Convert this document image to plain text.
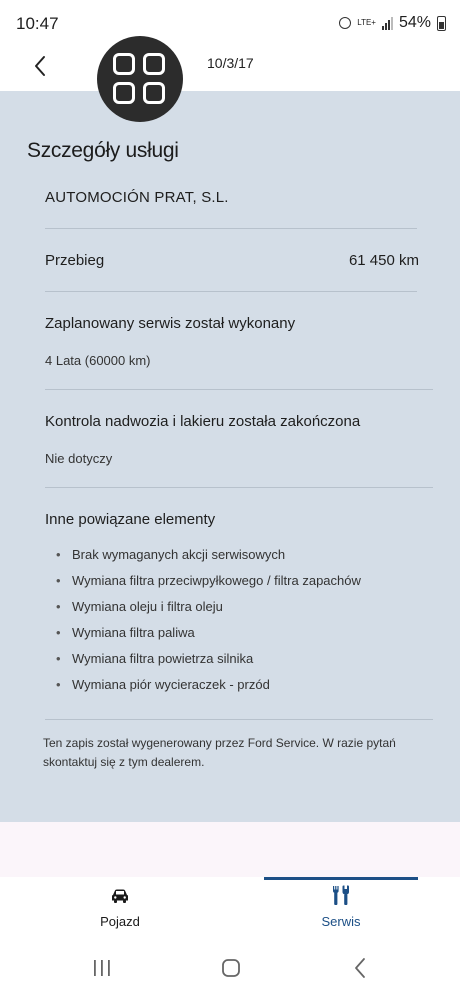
10:47	LTE+ 54%
10/3/17
Szczegóły usługi
AUTOMOCIÓN PRAT, S.L.
Przebieg	61 450 km
Zaplanowany serwis został wykonany
4 Lata (60000 km)
Kontrola nadwozia i lakieru została zakończona
Nie dotyczy
Inne powiązane elementy
• Brak wymaganych akcji serwisowych
• Wymiana filtra przeciwpyłkowego / filtra zapachów
• Wymiana oleju i filtra oleju
• Wymiana filtra paliwa
• Wymiana filtra powietrza silnika
• Wymiana piór wycieraczek - przód
Ten zapis został wygenerowany przez Ford Service. W razie pytań skontaktuj się z tym dealerem.
Pojazd	Serwis
